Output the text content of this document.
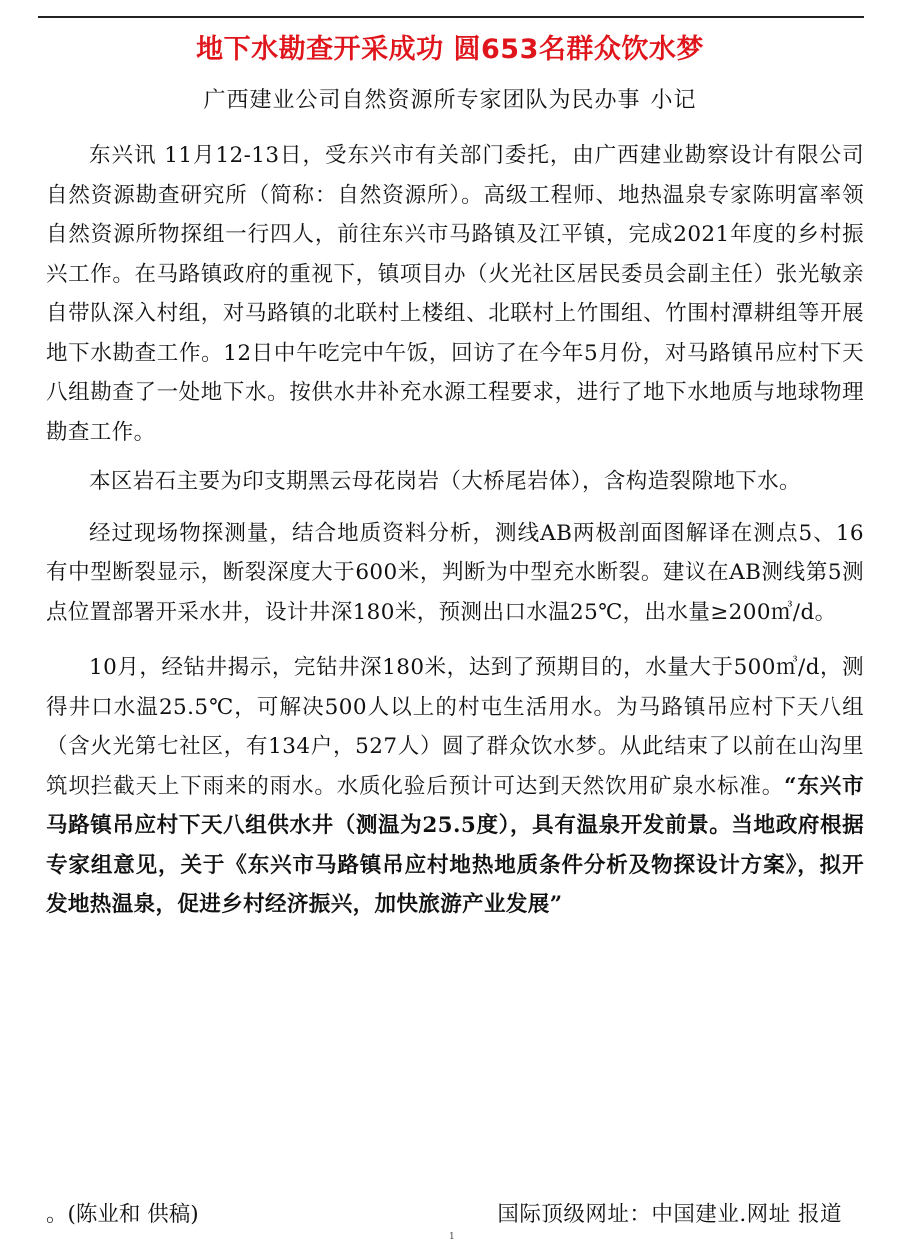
地下水勘查开采成功 圆653名群众饮水梦
广西建业公司自然资源所专家团队为民办事 小记

东兴讯 11月12-13日，受东兴市有关部门委托，由广西建业勘察设计有限公司自然资源勘查研究所（简称：自然资源所）。高级工程师、地热温泉专家陈明富率领自然资源所物探组一行四人，前往东兴市马路镇及江平镇，完成2021年度的乡村振兴工作。在马路镇政府的重视下，镇项目办（火光社区居民委员会副主任）张光敏亲自带队深入村组，对马路镇的北联村上楼组、北联村上竹围组、竹围村潭耕组等开展地下水勘查工作。12日中午吃完中午饭，回访了在今年5月份，对马路镇吊应村下天八组勘查了一处地下水。按供水井补充水源工程要求，进行了地下水地质与地球物理勘查工作。

本区岩石主要为印支期黑云母花岗岩（大桥尾岩体），含构造裂隙地下水。

经过现场物探测量，结合地质资料分析，测线AB两极剖面图解译在测点5、16有中型断裂显示，断裂深度大于600米，判断为中型充水断裂。建议在AB测线第5测点位置部署开采水井，设计井深180米，预测出口水温25℃，出水量≥200㎥/d。

10月，经钻井揭示，完钻井深180米，达到了预期目的，水量大于500㎥/d，测得井口水温25.5℃，可解决500人以上的村屯生活用水。为马路镇吊应村下天八组（含火光第七社区，有134户，527人）圆了群众饮水梦。从此结束了以前在山沟里筑坝拦截天上下雨来的雨水。水质化验后预计可达到天然饮用矿泉水标准。“东兴市马路镇吊应村下天八组供水井（测温为25.5度），具有温泉开发前景。当地政府根据专家组意见，关于《东兴市马路镇吊应村地热地质条件分析及物探设计方案》，拟开发地热温泉，促进乡村经济振兴，加快旅游产业发展”

。(陈业和 供稿)	国际顶级网址：中国建业.网址 报道
1
